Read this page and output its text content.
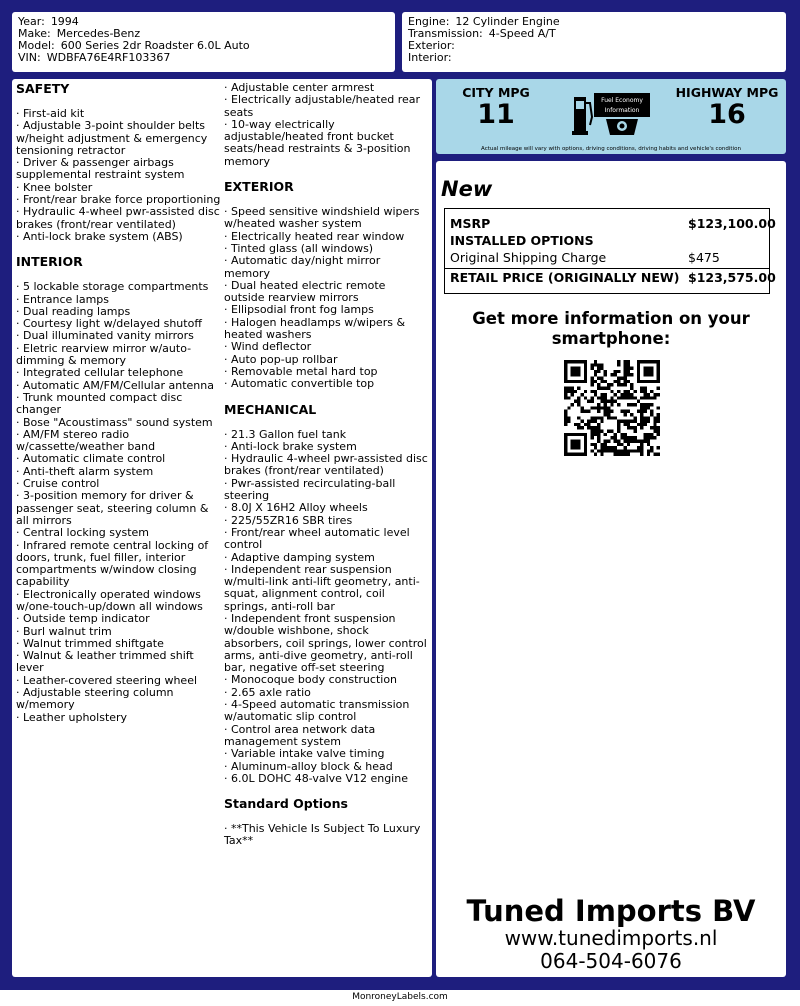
Year: 1994
Make: Mercedes-Benz
Model: 600 Series 2dr Roadster 6.0L Auto
VIN: WDBFA76E4RF103367
Engine: 12 Cylinder Engine
Transmission: 4-Speed A/T
Exterior:
Interior:
SAFETY
· First-aid kit
· Adjustable 3-point shoulder belts w/height adjustment & emergency tensioning retractor
· Driver & passenger airbags supplemental restraint system
· Knee bolster
· Front/rear brake force proportioning
· Hydraulic 4-wheel pwr-assisted disc brakes (front/rear ventilated)
· Anti-lock brake system (ABS)
INTERIOR
· 5 lockable storage compartments
· Entrance lamps
· Dual reading lamps
· Courtesy light w/delayed shutoff
· Dual illuminated vanity mirrors
· Eletric rearview mirror w/auto-dimming & memory
· Integrated cellular telephone
· Automatic AM/FM/Cellular antenna
· Trunk mounted compact disc changer
· Bose "Acoustimass" sound system
· AM/FM stereo radio w/cassette/weather band
· Automatic climate control
· Anti-theft alarm system
· Cruise control
· 3-position memory for driver & passenger seat, steering column & all mirrors
· Central locking system
· Infrared remote central locking of doors, trunk, fuel filler, interior compartments w/window closing capability
· Electronically operated windows w/one-touch-up/down all windows
· Outside temp indicator
· Burl walnut trim
· Walnut trimmed shiftgate
· Walnut & leather trimmed shift lever
· Leather-covered steering wheel
· Adjustable steering column w/memory
· Leather upholstery
· Adjustable center armrest
· Electrically adjustable/heated rear seats
· 10-way electrically adjustable/heated front bucket seats/head restraints & 3-position memory
EXTERIOR
· Speed sensitive windshield wipers w/heated washer system
· Electrically heated rear window
· Tinted glass (all windows)
· Automatic day/night mirror memory
· Dual heated electric remote outside rearview mirrors
· Ellipsodial front fog lamps
· Halogen headlamps w/wipers & heated washers
· Wind deflector
· Auto pop-up rollbar
· Removable metal hard top
· Automatic convertible top
MECHANICAL
· 21.3 Gallon fuel tank
· Anti-lock brake system
· Hydraulic 4-wheel pwr-assisted disc brakes (front/rear ventilated)
· Pwr-assisted recirculating-ball steering
· 8.0J X 16H2 Alloy wheels
· 225/55ZR16 SBR tires
· Front/rear wheel automatic level control
· Adaptive damping system
· Independent rear suspension w/multi-link anti-lift geometry, anti-squat, alignment control, coil springs, anti-roll bar
· Independent front suspension w/double wishbone, shock absorbers, coil springs, lower control arms, anti-dive geometry, anti-roll bar, negative off-set steering
· Monocoque body construction
· 2.65 axle ratio
· 4-Speed automatic transmission w/automatic slip control
· Control area network data management system
· Variable intake valve timing
· Aluminum-alloy block & head
· 6.0L DOHC 48-valve V12 engine
Standard Options
· **This Vehicle Is Subject To Luxury Tax**
CITY MPG
11	Fuel Economy
Information
HIGHWAY MPG
16
Actual mileage will vary with options, driving conditions, driving habits and vehicle's condition
New
MSRP	$123,100.00
INSTALLED OPTIONS
Original Shipping Charge	$475
RETAIL PRICE (ORIGINALLY NEW) $123,575.00
Get more information on your smartphone:
Tuned Imports BV
www.tunedimports.nl
064-504-6076
MonroneyLabels.com
